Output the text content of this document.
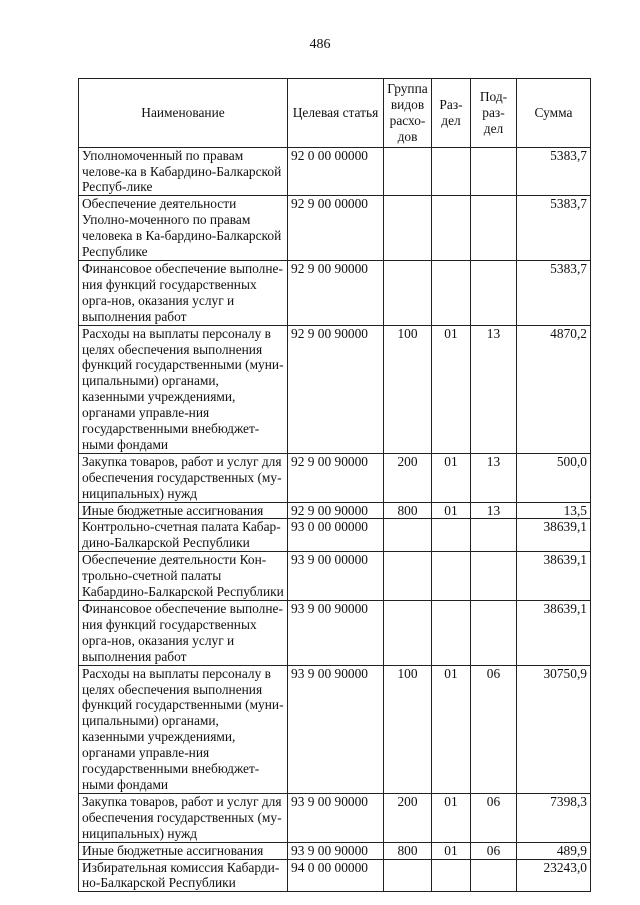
486
Наименование	Целевая статья	Группа видов расхо-дов	Раз-дел	Под-раз-дел	Сумма
Уполномоченный по правам челове-ка в Кабардино-Балкарской Респуб-лике	92 0 00 00000				5383,7
Обеспечение деятельности Уполно-моченного по правам человека в Ка-бардино-Балкарской Республике	92 9 00 00000				5383,7
Финансовое обеспечение выполне-ния функций государственных орга-нов, оказания услуг и выполнения работ	92 9 00 90000				5383,7
Расходы на выплаты персоналу в целях обеспечения выполнения функций государственными (муни-ципальными) органами, казенными учреждениями, органами управле-ния государственными внебюджет-ными фондами	92 9 00 90000	100	01	13	4870,2
Закупка товаров, работ и услуг для обеспечения государственных (му-ниципальных) нужд	92 9 00 90000	200	01	13	500,0
Иные бюджетные ассигнования	92 9 00 90000	800	01	13	13,5
Контрольно-счетная палата Кабар-дино-Балкарской Республики	93 0 00 00000				38639,1
Обеспечение деятельности Кон-трольно-счетной палаты Кабардино-Балкарской Республики	93 9 00 00000				38639,1
Финансовое обеспечение выполне-ния функций государственных орга-нов, оказания услуг и выполнения работ	93 9 00 90000				38639,1
Расходы на выплаты персоналу в целях обеспечения выполнения функций государственными (муни-ципальными) органами, казенными учреждениями, органами управле-ния государственными внебюджет-ными фондами	93 9 00 90000	100	01	06	30750,9
Закупка товаров, работ и услуг для обеспечения государственных (му-ниципальных) нужд	93 9 00 90000	200	01	06	7398,3
Иные бюджетные ассигнования	93 9 00 90000	800	01	06	489,9
Избирательная комиссия Кабарди-но-Балкарской Республики	94 0 00 00000				23243,0
